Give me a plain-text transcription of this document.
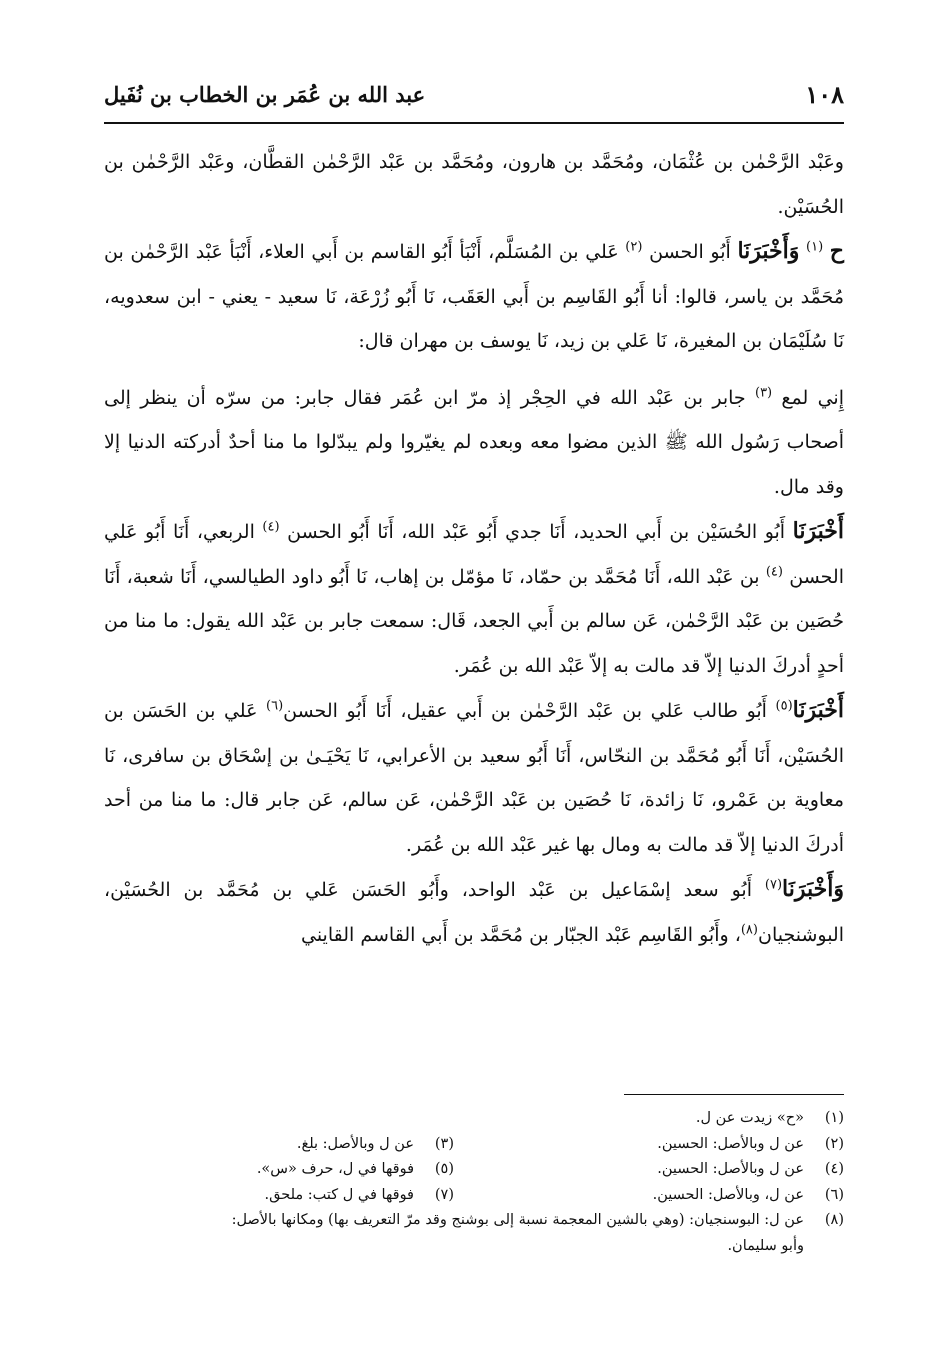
١٠٨
عبد الله بن عُمَر بن الخطاب بن نُفَيل

وعَبْد الرَّحْمٰن بن عُثْمَان، ومُحَمَّد بن هارون، ومُحَمَّد بن عَبْد الرَّحْمٰن القطَّان، وعَبْد الرَّحْمٰن بن الحُسَيْن.

ح $^{(١)}$ وَأَخْبَرَنَا أَبُو الحسن $^{(٢)}$ عَلي بن المُسَلَّم، أَنْبَأ أَبُو القاسم بن أَبي العلاء، أَنْبَأ عَبْد الرَّحْمٰن بن مُحَمَّد بن ياسر، قالوا: أنا أَبُو القَاسِم بن أَبي العَقَب، نَا أَبُو زُرْعَة، نَا سعيد - يعني - ابن سعدويه، نَا سُلَيْمَان بن المغيرة، نَا عَلي بن زيد، نَا يوسف بن مهران قال:

إِني لمع $^{(٣)}$ جابر بن عَبْد الله في الحِجْر إذ مرّ ابن عُمَر فقال جابر: من سرّه أن ينظر إلى أصحاب رَسُول الله ﷺ الذين مضوا معه وبعده لم يغيّروا ولم يبدّلوا ما منا أحدٌ أدركته الدنيا إلا وقد مال.

أَخْبَرَنَا أَبُو الحُسَيْن بن أَبي الحديد، أَنَا جدي أَبُو عَبْد الله، أَنَا أَبُو الحسن $^{(٤)}$ الربعي، أَنَا أَبُو عَلي الحسن $^{(٤)}$ بن عَبْد الله، أَنَا مُحَمَّد بن حمّاد، نَا مؤمّل بن إهاب، نَا أَبُو داود الطيالسي، أَنَا شعبة، أَنَا حُصَين بن عَبْد الرَّحْمٰن، عَن سالم بن أَبي الجعد، قَال: سمعت جابر بن عَبْد الله يقول: ما منا من أحدٍ أدركَ الدنيا إلاّ قد مالت به إلاّ عَبْد الله بن عُمَر.

أَخْبَرَنَا$^{(٥)}$ أَبُو طالب عَلي بن عَبْد الرَّحْمٰن بن أَبي عقيل، أَنَا أَبُو الحسن$^{(٦)}$ عَلي بن الحَسَن بن الحُسَيْن، أَنَا أَبُو مُحَمَّد بن النحّاس، أَنَا أَبُو سعيد بن الأعرابي، نَا يَحْيَـىٰ بن إسْحَاق بن سافرى، نَا معاوية بن عَمْرو، نَا زائدة، نَا حُصَين بن عَبْد الرَّحْمٰن، عَن سالم، عَن جابر قال: ما منا من أحد أدركَ الدنيا إلاّ قد مالت به ومال بها غير عَبْد الله بن عُمَر.

وَأَخْبَرَنَا$^{(٧)}$ أَبُو سعد إسْمَاعيل بن عَبْد الواحد، وأَبُو الحَسَن عَلي بن مُحَمَّد بن الحُسَيْن، البوشنجيان$^{(٨)}$، وأَبُو القَاسِم عَبْد الجبّار بن مُحَمَّد بن أَبي القاسم القايني

(١)«ح» زيدت عن ل.
(٢)عن ل وبالأصل: الحسين.
(٣)عن ل وبالأصل: بلغ.
(٤)عن ل وبالأصل: الحسين.
(٥)فوقها في ل، حرف «س».
(٦)عن ل، وبالأصل: الحسين.
(٧)فوقها في ل كتب: ملحق.
(٨)عن ل: البوسنجيان: (وهي بالشين المعجمة نسبة إلى بوشنج وقد مرّ التعريف بها) ومكانها بالأصل:
وأبو سليمان.
